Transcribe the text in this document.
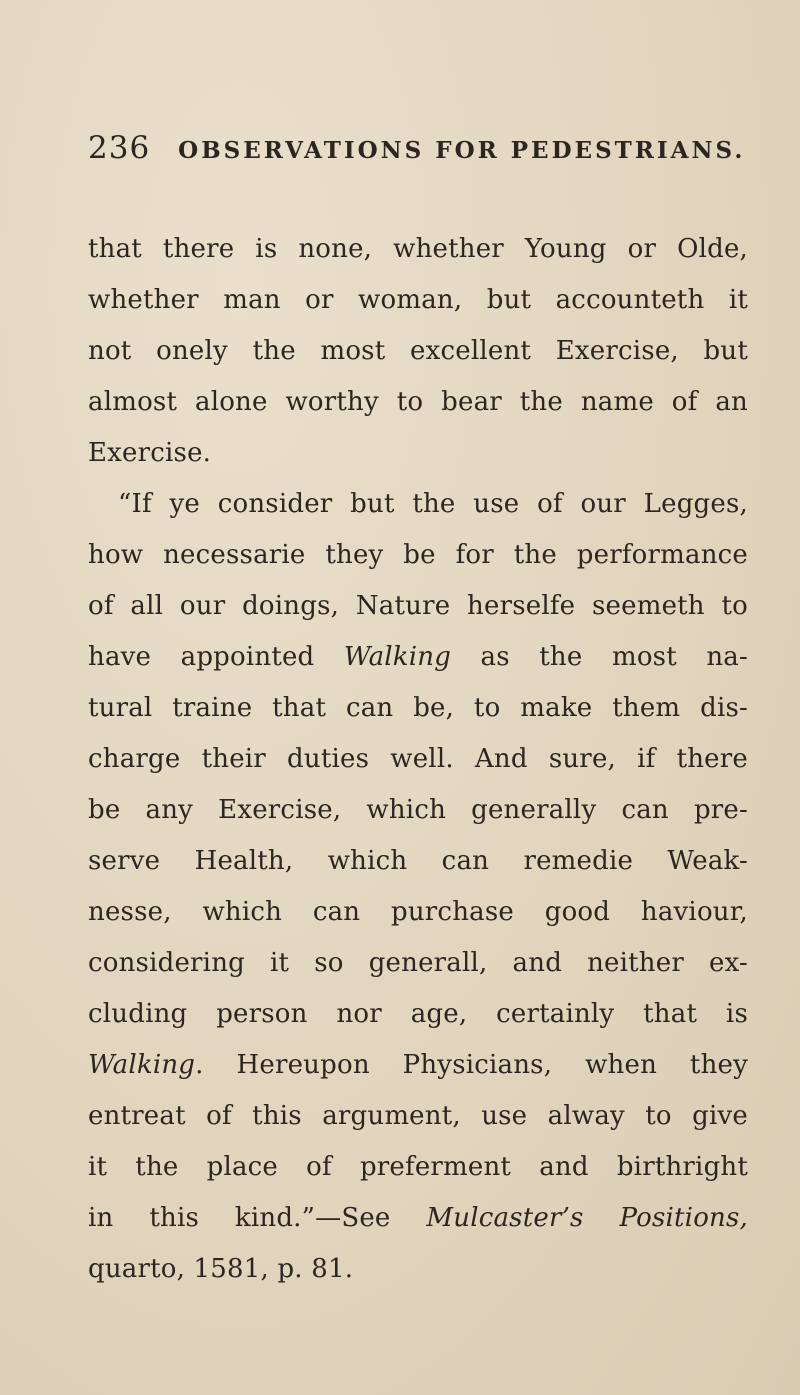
236 OBSERVATIONS FOR PEDESTRIANS.
that there is none, whether Young or Olde,
whether man or woman, but accounteth it
not onely the most excellent Exercise, but
almost alone worthy to bear the name of an
Exercise.
“If ye consider but the use of our Legges,
how necessarie they be for the performance
of all our doings, Nature herselfe seemeth to
have appointed Walking as the most na-
tural traine that can be, to make them dis-
charge their duties well. And sure, if there
be any Exercise, which generally can pre-
serve Health, which can remedie Weak-
nesse, which can purchase good haviour,
considering it so generall, and neither ex-
cluding person nor age, certainly that is
Walking. Hereupon Physicians, when they
entreat of this argument, use alway to give
it the place of preferment and birthright
in this kind.”—See Mulcaster’s Positions,
quarto, 1581, p. 81.
